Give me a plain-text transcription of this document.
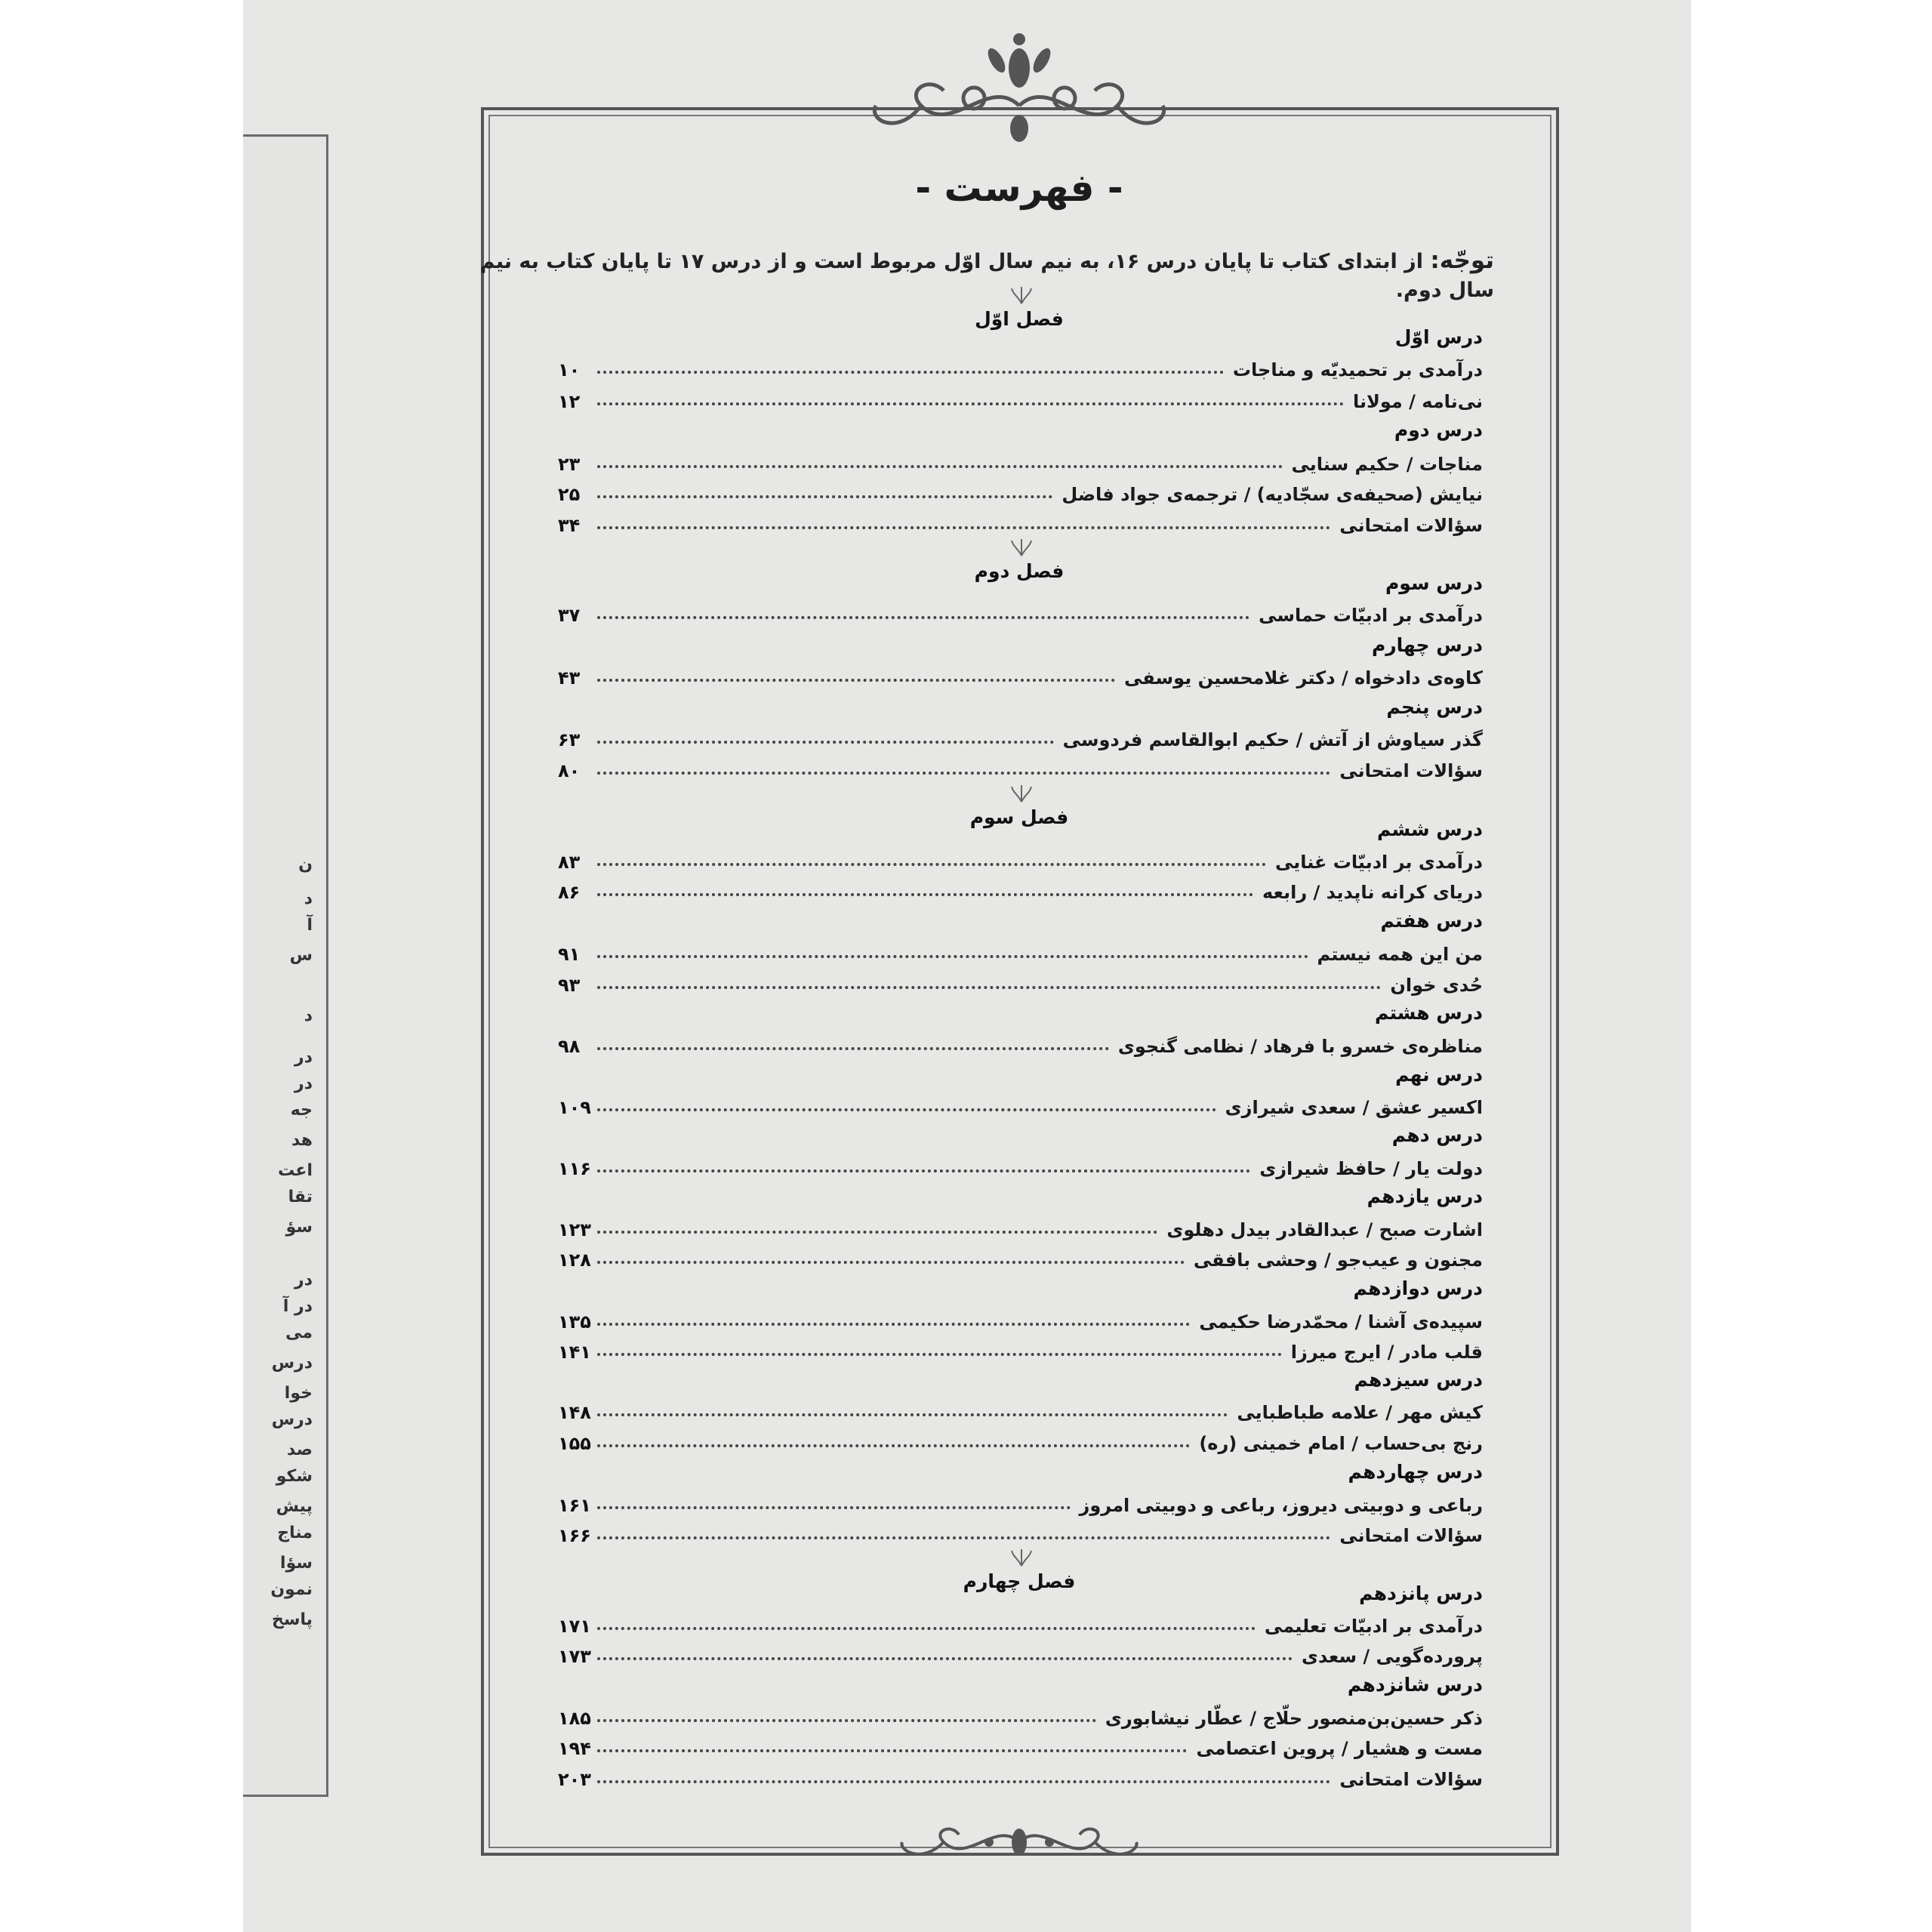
ن
د
آ
س
د
در
در
جه
هد
اعت
تقا
سؤ
در
در آ
می
درس
خوا
درس
صد
شکو
پیش
مناج
سؤا
نمون
پاسخ
- فهرست -
توجّه: از ابتدای کتاب تا پایان درس ۱۶، به نیم سال اوّل مربوط است و از درس ۱۷ تا پایان کتاب به نیم سال دوم.
فصل اوّل
فصل دوم
فصل سوم
فصل چهارم
درس اوّل
درآمدی بر تحمیدیّه و مناجات
۱۰
نی‌نامه / مولانا
۱۲
درس دوم
مناجات / حکیم سنایی
۲۳
نیایش (صحیفه‌ی سجّادیه) / ترجمه‌ی جواد فاضل
۲۵
سؤالات امتحانی
۳۴
درس سوم
درآمدی بر ادبیّات حماسی
۳۷
درس چهارم
کاوه‌ی دادخواه / دکتر غلامحسین یوسفی
۴۳
درس پنجم
گذر سیاوش از آتش / حکیم ابوالقاسم فردوسی
۶۳
سؤالات امتحانی
۸۰
درس ششم
درآمدی بر ادبیّات غنایی
۸۳
دریای کرانه ناپدید / رابعه
۸۶
درس هفتم
من این همه نیستم
۹۱
حُدی خوان
۹۳
درس هشتم
مناظره‌ی خسرو با فرهاد / نظامی گنجوی
۹۸
درس نهم
اکسیر عشق / سعدی شیرازی
۱۰۹
درس دهم
دولت یار / حافظ شیرازی
۱۱۶
درس یازدهم
اشارت صبح / عبدالقادر بیدل دهلوی
۱۲۳
مجنون و عیب‌جو / وحشی بافقی
۱۲۸
درس دوازدهم
سپیده‌ی آشنا / محمّدرضا حکیمی
۱۳۵
قلب مادر / ایرج میرزا
۱۴۱
درس سیزدهم
کیش مهر / علامه طباطبایی
۱۴۸
رنج بی‌حساب / امام خمینی (ره)
۱۵۵
درس چهاردهم
رباعی و دوبیتی دیروز، رباعی و دوبیتی امروز
۱۶۱
سؤالات امتحانی
۱۶۶
درس پانزدهم
درآمدی بر ادبیّات تعلیمی
۱۷۱
پرورده‌گویی / سعدی
۱۷۳
درس شانزدهم
ذکر حسین‌بن‌منصور حلّاج / عطّار نیشابوری
۱۸۵
مست و هشیار / پروین اعتصامی
۱۹۴
سؤالات امتحانی
۲۰۳
